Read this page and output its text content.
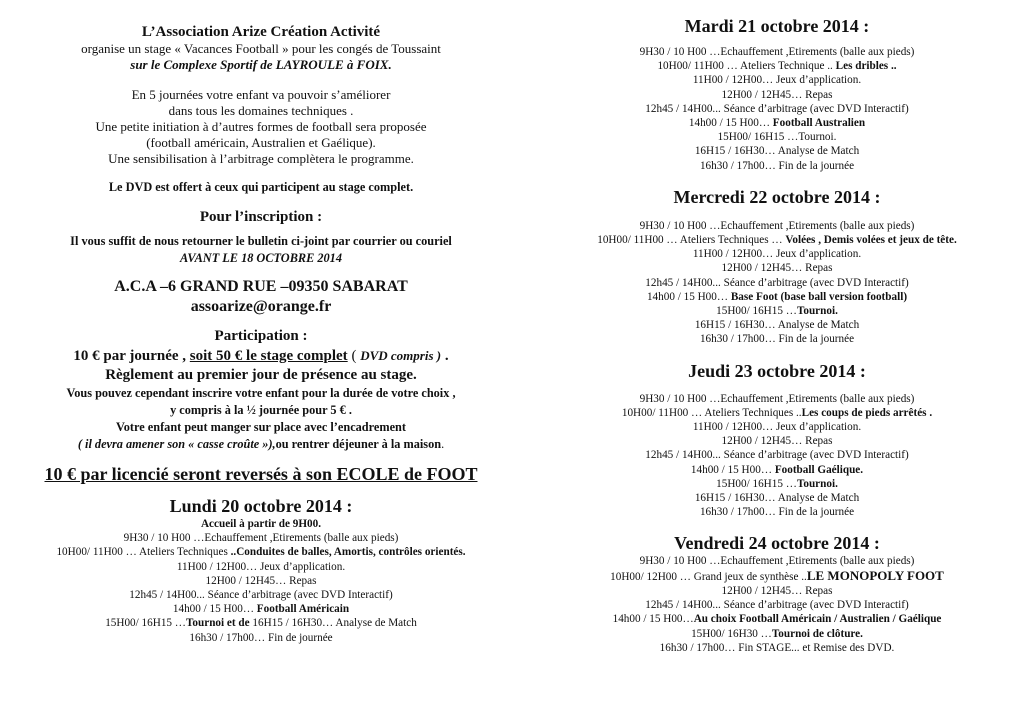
L’Association Arize Création Activité
organise un stage « Vacances Football » pour les congés de Toussaint
sur le Complexe Sportif de LAYROULE à FOIX.
En 5 journées votre enfant va pouvoir s’améliorer
dans tous les domaines techniques .
Une petite initiation à d’autres formes de football sera proposée
(football américain, Australien et Gaélique).
Une sensibilisation à l’arbitrage complètera le programme.
Le DVD est offert à ceux qui participent au stage complet.
Pour l’inscription :
Il vous suffit de nous retourner le bulletin ci-joint par courrier ou couriel
AVANT LE 18 OCTOBRE 2014
A.C.A –6 GRAND RUE –09350 SABARAT
assoarize@orange.fr
Participation :
10 € par journée , soit 50 € le stage complet ( DVD compris ) .
Règlement au premier jour de présence au stage.
Vous pouvez cependant inscrire votre enfant pour la durée de votre choix ,
y compris à la ½ journée pour 5 € .
Votre enfant peut manger sur place avec l’encadrement
( il devra amener son « casse croûte »),ou rentrer déjeuner à la maison.
10 € par licencié seront reversés à son ECOLE de FOOT
Lundi 20 octobre 2014 :
Accueil à partir de 9H00.
9H30 / 10 H00 …Echauffement ,Etirements (balle aux pieds)
10H00/ 11H00 … Ateliers Techniques ..Conduites de balles, Amortis, contrôles orientés.
11H00 / 12H00… Jeux d’application.
12H00 / 12H45… Repas
12h45 / 14H00... Séance d’arbitrage (avec DVD Interactif)
14h00 / 15 H00… Football Américain
15H00/ 16H15 …Tournoi et de 16H15 / 16H30… Analyse de Match
16h30 / 17h00… Fin de journée
Mardi 21 octobre 2014 :
9H30 / 10 H00 …Echauffement ,Etirements (balle aux pieds)
10H00/ 11H00 … Ateliers Technique .. Les dribles ..
11H00 / 12H00… Jeux d’application.
12H00 / 12H45… Repas
12h45 / 14H00... Séance d’arbitrage (avec DVD Interactif)
14h00 / 15 H00… Football Australien
15H00/ 16H15 …Tournoi.
16H15 / 16H30… Analyse de Match
16h30 / 17h00… Fin de la journée
Mercredi 22 octobre 2014 :
9H30 / 10 H00 …Echauffement ,Etirements (balle aux pieds)
10H00/ 11H00 … Ateliers Techniques … Volées , Demis volées et jeux de tête.
11H00 / 12H00… Jeux d’application.
12H00 / 12H45… Repas
12h45 / 14H00... Séance d’arbitrage (avec DVD Interactif)
14h00 / 15 H00… Base Foot (base ball version football)
15H00/ 16H15 …Tournoi.
16H15 / 16H30… Analyse de Match
16h30 / 17h00… Fin de la journée
Jeudi 23 octobre 2014 :
9H30 / 10 H00 …Echauffement ,Etirements (balle aux pieds)
10H00/ 11H00 … Ateliers Techniques ..Les coups de pieds arrêtés .
11H00 / 12H00… Jeux d’application.
12H00 / 12H45… Repas
12h45 / 14H00... Séance d’arbitrage (avec DVD Interactif)
14h00 / 15 H00… Football Gaélique.
15H00/ 16H15 …Tournoi.
16H15 / 16H30… Analyse de Match
16h30 / 17h00… Fin de la journée
Vendredi 24 octobre 2014 :
9H30 / 10 H00 …Echauffement ,Etirements (balle aux pieds)
10H00/ 12H00 … Grand jeux de synthèse ..LE MONOPOLY FOOT
12H00 / 12H45… Repas
12h45 / 14H00... Séance d’arbitrage (avec DVD Interactif)
14h00 / 15 H00…Au choix Football Américain / Australien / Gaélique
15H00/ 16H30 …Tournoi de clôture.
16h30 / 17h00… Fin STAGE... et Remise des DVD.
